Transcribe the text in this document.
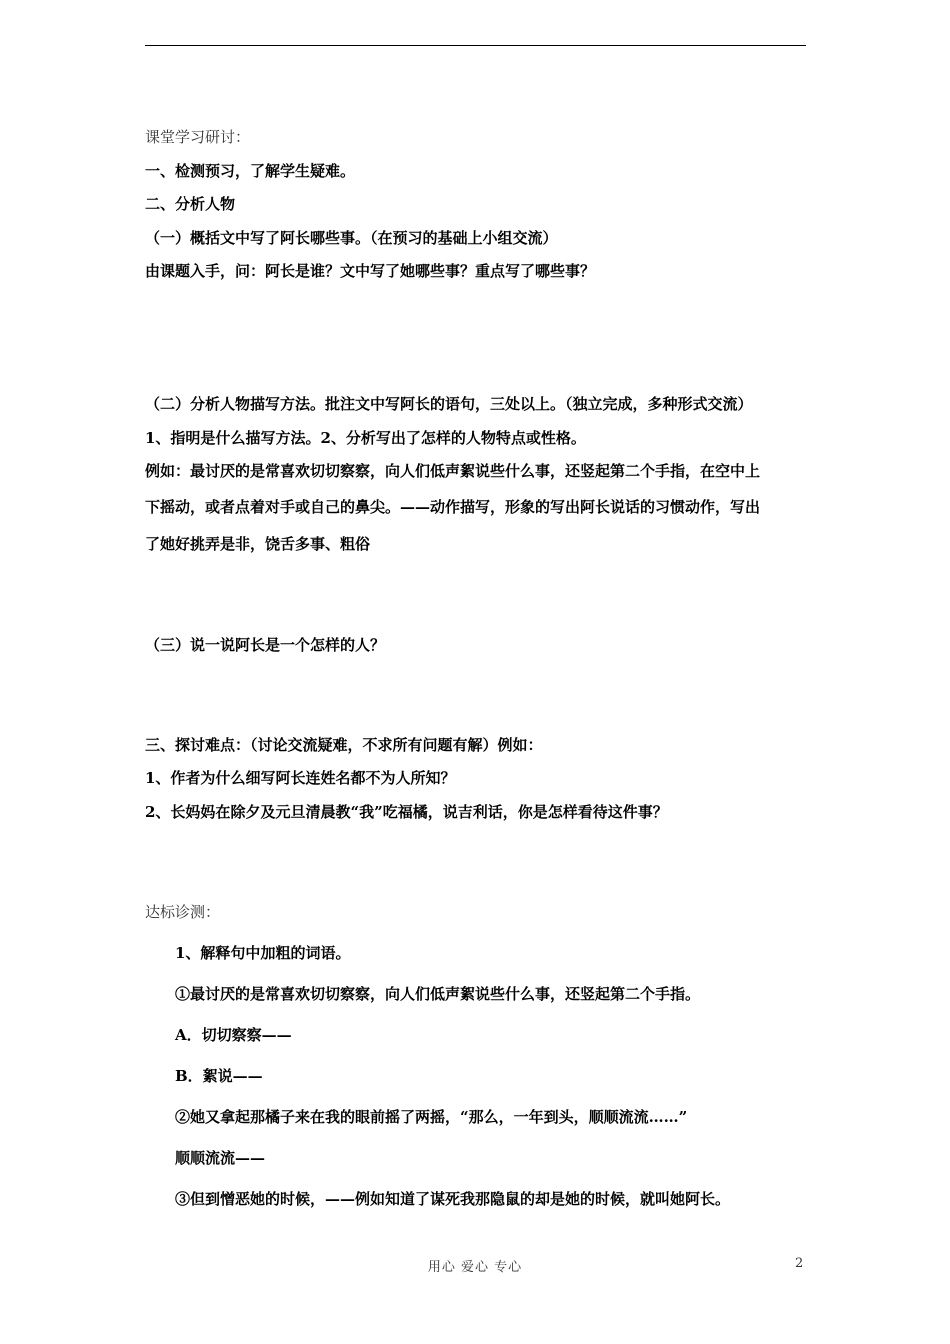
课堂学习研讨：
一、检测预习，了解学生疑难。
二、分析人物
（一）概括文中写了阿长哪些事。（在预习的基础上小组交流）
由课题入手，问：阿长是谁？文中写了她哪些事？重点写了哪些事？
（二）分析人物描写方法。批注文中写阿长的语句，三处以上。（独立完成，多种形式交流）
1、指明是什么描写方法。2、分析写出了怎样的人物特点或性格。
例如：最讨厌的是常喜欢切切察察，向人们低声絮说些什么事，还竖起第二个手指，在空中上
下摇动，或者点着对手或自己的鼻尖。——动作描写，形象的写出阿长说话的习惯动作，写出
了她好挑弄是非，饶舌多事、粗俗
（三）说一说阿长是一个怎样的人？
三、探讨难点：（讨论交流疑难，不求所有问题有解）例如：
1、作者为什么细写阿长连姓名都不为人所知？
2、长妈妈在除夕及元旦清晨教“我”吃福橘，说吉利话，你是怎样看待这件事？
达标诊测：
1、解释句中加粗的词语。
①最讨厌的是常喜欢切切察察，向人们低声絮说些什么事，还竖起第二个手指。
A．切切察察——
B．絮说——
②她又拿起那橘子来在我的眼前摇了两摇，“那么，一年到头，顺顺流流……”
顺顺流流——
③但到憎恶她的时候，——例如知道了谋死我那隐鼠的却是她的时候，就叫她阿长。
用心 爱心 专心	2
